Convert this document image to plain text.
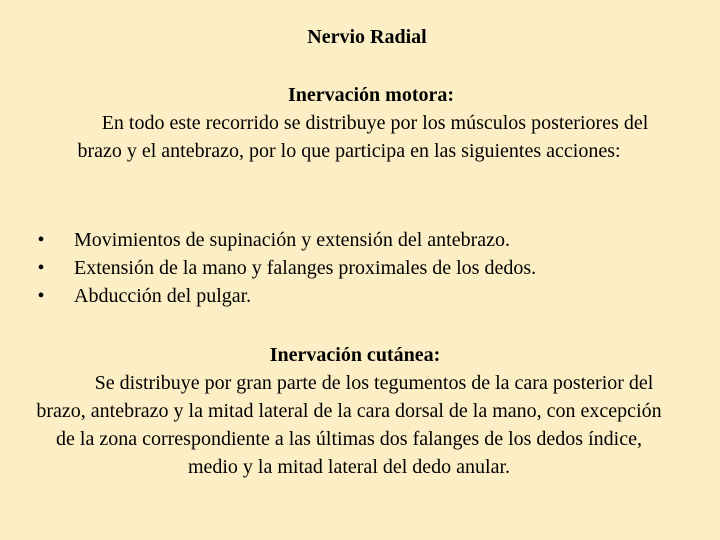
Nervio Radial
Inervación motora:
En todo este recorrido se distribuye por los músculos posteriores del brazo y el antebrazo, por lo que participa en las siguientes acciones:
• Movimientos de supinación y extensión del antebrazo.
• Extensión de la mano y falanges proximales de los dedos.
• Abducción del pulgar.
Inervación cutánea:
Se distribuye por gran parte de los tegumentos de la cara posterior del brazo, antebrazo y la mitad lateral de la cara dorsal de la mano, con excepción de la zona correspondiente a las últimas dos falanges de los dedos índice, medio y la mitad lateral del dedo anular.
